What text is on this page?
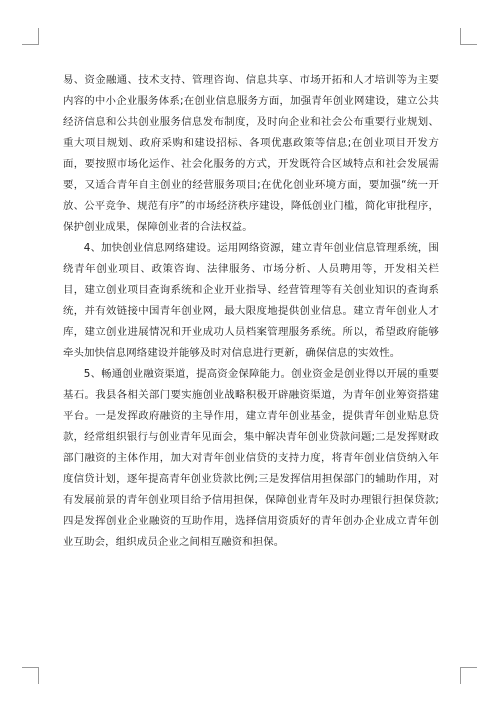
易、资金融通、技术支持、管理咨询、信息共享、市场开拓和人才培训等为主要内容的中小企业服务体系;在创业信息服务方面，加强青年创业网建设，建立公共经济信息和公共创业服务信息发布制度，及时向企业和社会公布重要行业规划、重大项目规划、政府采购和建设招标、各项优惠政策等信息;在创业项目开发方面，要按照市场化运作、社会化服务的方式，开发既符合区域特点和社会发展需要，又适合青年自主创业的经营服务项目;在优化创业环境方面，要加强“统一开放、公平竞争、规范有序”的市场经济秩序建设，降低创业门槛，简化审批程序，保护创业成果，保障创业者的合法权益。

4、加快创业信息网络建设。运用网络资源，建立青年创业信息管理系统，围绕青年创业项目、政策咨询、法律服务、市场分析、人员聘用等，开发相关栏目，建立创业项目查询系统和企业开业指导、经营管理等有关创业知识的查询系统，并有效链接中国青年创业网，最大限度地提供创业信息。建立青年创业人才库，建立创业进展情况和开业成功人员档案管理服务系统。所以，希望政府能够牵头加快信息网络建设并能够及时对信息进行更新，确保信息的实效性。

5、畅通创业融资渠道，提高资金保障能力。创业资金是创业得以开展的重要基石。我县各相关部门要实施创业战略积极开辟融资渠道，为青年创业筹资搭建平台。一是发挥政府融资的主导作用，建立青年创业基金，提供青年创业贴息贷款，经常组织银行与创业青年见面会，集中解决青年创业贷款问题;二是发挥财政部门融资的主体作用，加大对青年创业信贷的支持力度，将青年创业信贷纳入年度信贷计划，逐年提高青年创业贷款比例;三是发挥信用担保部门的辅助作用，对有发展前景的青年创业项目给予信用担保，保障创业青年及时办理银行担保贷款;四是发挥创业企业融资的互助作用，选择信用资质好的青年创办企业成立青年创业互助会，组织成员企业之间相互融资和担保。
